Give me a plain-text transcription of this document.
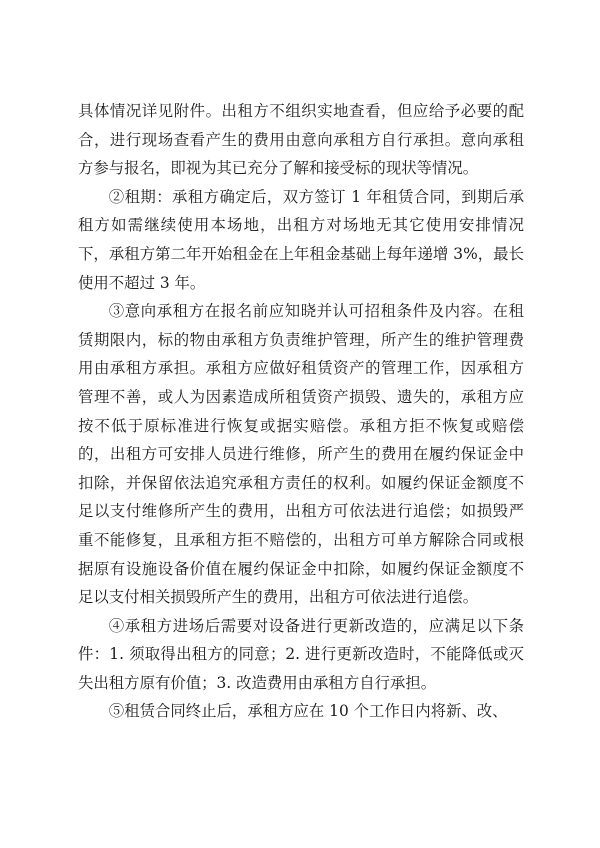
具体情况详见附件。出租方不组织实地查看，但应给予必要的配合，进行现场查看产生的费用由意向承租方自行承担。意向承租方参与报名，即视为其已充分了解和接受标的现状等情况。

②租期：承租方确定后，双方签订 1 年租赁合同，到期后承租方如需继续使用本场地，出租方对场地无其它使用安排情况下，承租方第二年开始租金在上年租金基础上每年递增 3%，最长使用不超过 3 年。

③意向承租方在报名前应知晓并认可招租条件及内容。在租赁期限内，标的物由承租方负责维护管理，所产生的维护管理费用由承租方承担。承租方应做好租赁资产的管理工作，因承租方管理不善，或人为因素造成所租赁资产损毁、遗失的，承租方应按不低于原标准进行恢复或据实赔偿。承租方拒不恢复或赔偿的，出租方可安排人员进行维修，所产生的费用在履约保证金中扣除，并保留依法追究承租方责任的权利。如履约保证金额度不足以支付维修所产生的费用，出租方可依法进行追偿；如损毁严重不能修复，且承租方拒不赔偿的，出租方可单方解除合同或根据原有设施设备价值在履约保证金中扣除，如履约保证金额度不足以支付相关损毁所产生的费用，出租方可依法进行追偿。

④承租方进场后需要对设备进行更新改造的，应满足以下条件：1. 须取得出租方的同意；2. 进行更新改造时，不能降低或灭失出租方原有价值；3. 改造费用由承租方自行承担。

⑤租赁合同终止后，承租方应在 10 个工作日内将新、改、
